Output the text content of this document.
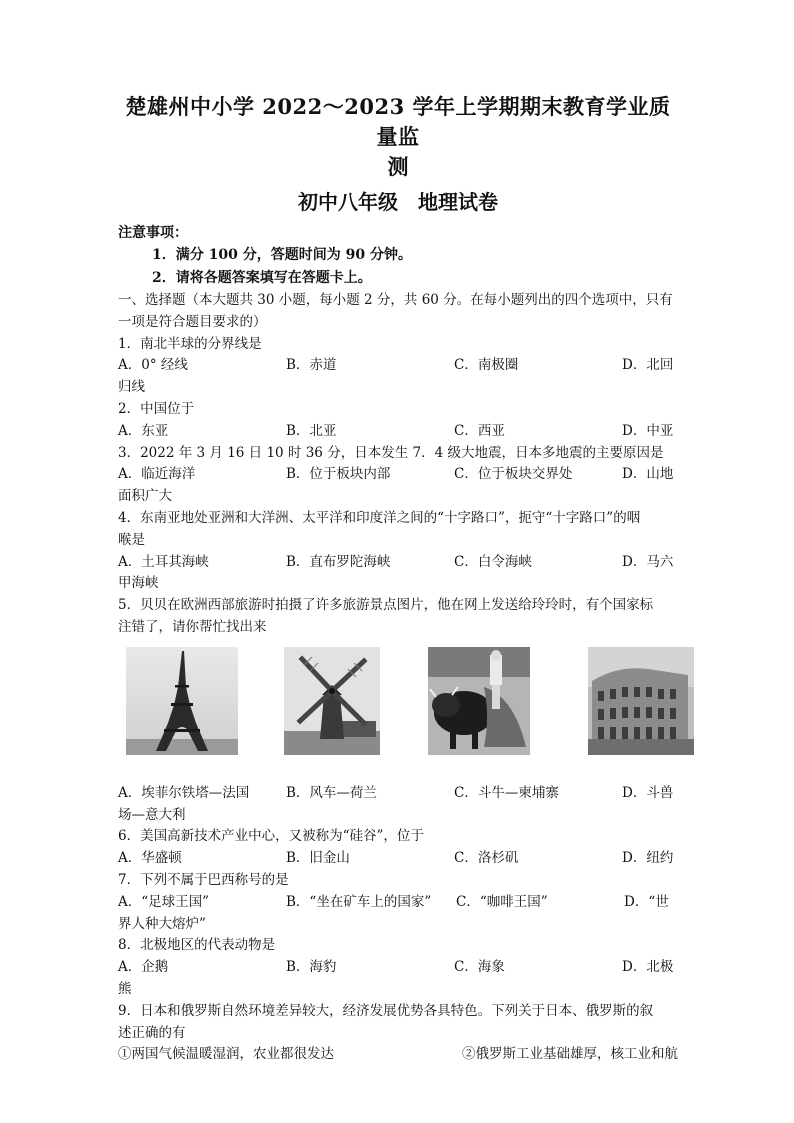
楚雄州中小学 2022～2023 学年上学期期末教育学业质量监
测
初中八年级　地理试卷
注意事项：
1．满分 100 分，答题时间为 90 分钟。
2．请将各题答案填写在答题卡上。
一、选择题（本大题共 30 小题，每小题 2 分，共 60 分。在每小题列出的四个选项中，只有
一项是符合题目要求的）
1．南北半球的分界线是
A．0° 经线	B．赤道	C．南极圈	D．北回
归线
2．中国位于
A．东亚	B．北亚	C．西亚	D．中亚
3．2022 年 3 月 16 日 10 时 36 分，日本发生 7．4 级大地震，日本多地震的主要原因是
A．临近海洋	B．位于板块内部	C．位于板块交界处	D．山地
面积广大
4．东南亚地处亚洲和大洋洲、太平洋和印度洋之间的“十字路口”，扼守“十字路口”的咽
喉是
A．土耳其海峡	B．直布罗陀海峡	C．白令海峡	D．马六
甲海峡
5．贝贝在欧洲西部旅游时拍摄了许多旅游景点图片，他在网上发送给玲玲时，有个国家标
注错了，请你帮忙找出来
A．埃菲尔铁塔—法国	B．风车—荷兰	C．斗牛—柬埔寨	D．斗兽
场—意大利
6．美国高新技术产业中心，又被称为“硅谷”，位于
A．华盛顿	B．旧金山	C．洛杉矶	D．纽约
7．下列不属于巴西称号的是
A．“足球王国”	B．“坐在矿车上的国家”	C．“咖啡王国”	D．“世
界人种大熔炉”
8．北极地区的代表动物是
A．企鹅	B．海豹	C．海象	D．北极
熊
9．日本和俄罗斯自然环境差异较大，经济发展优势各具特色。下列关于日本、俄罗斯的叙
述正确的有
①两国气候温暖湿润，农业都很发达	②俄罗斯工业基础雄厚，核工业和航
